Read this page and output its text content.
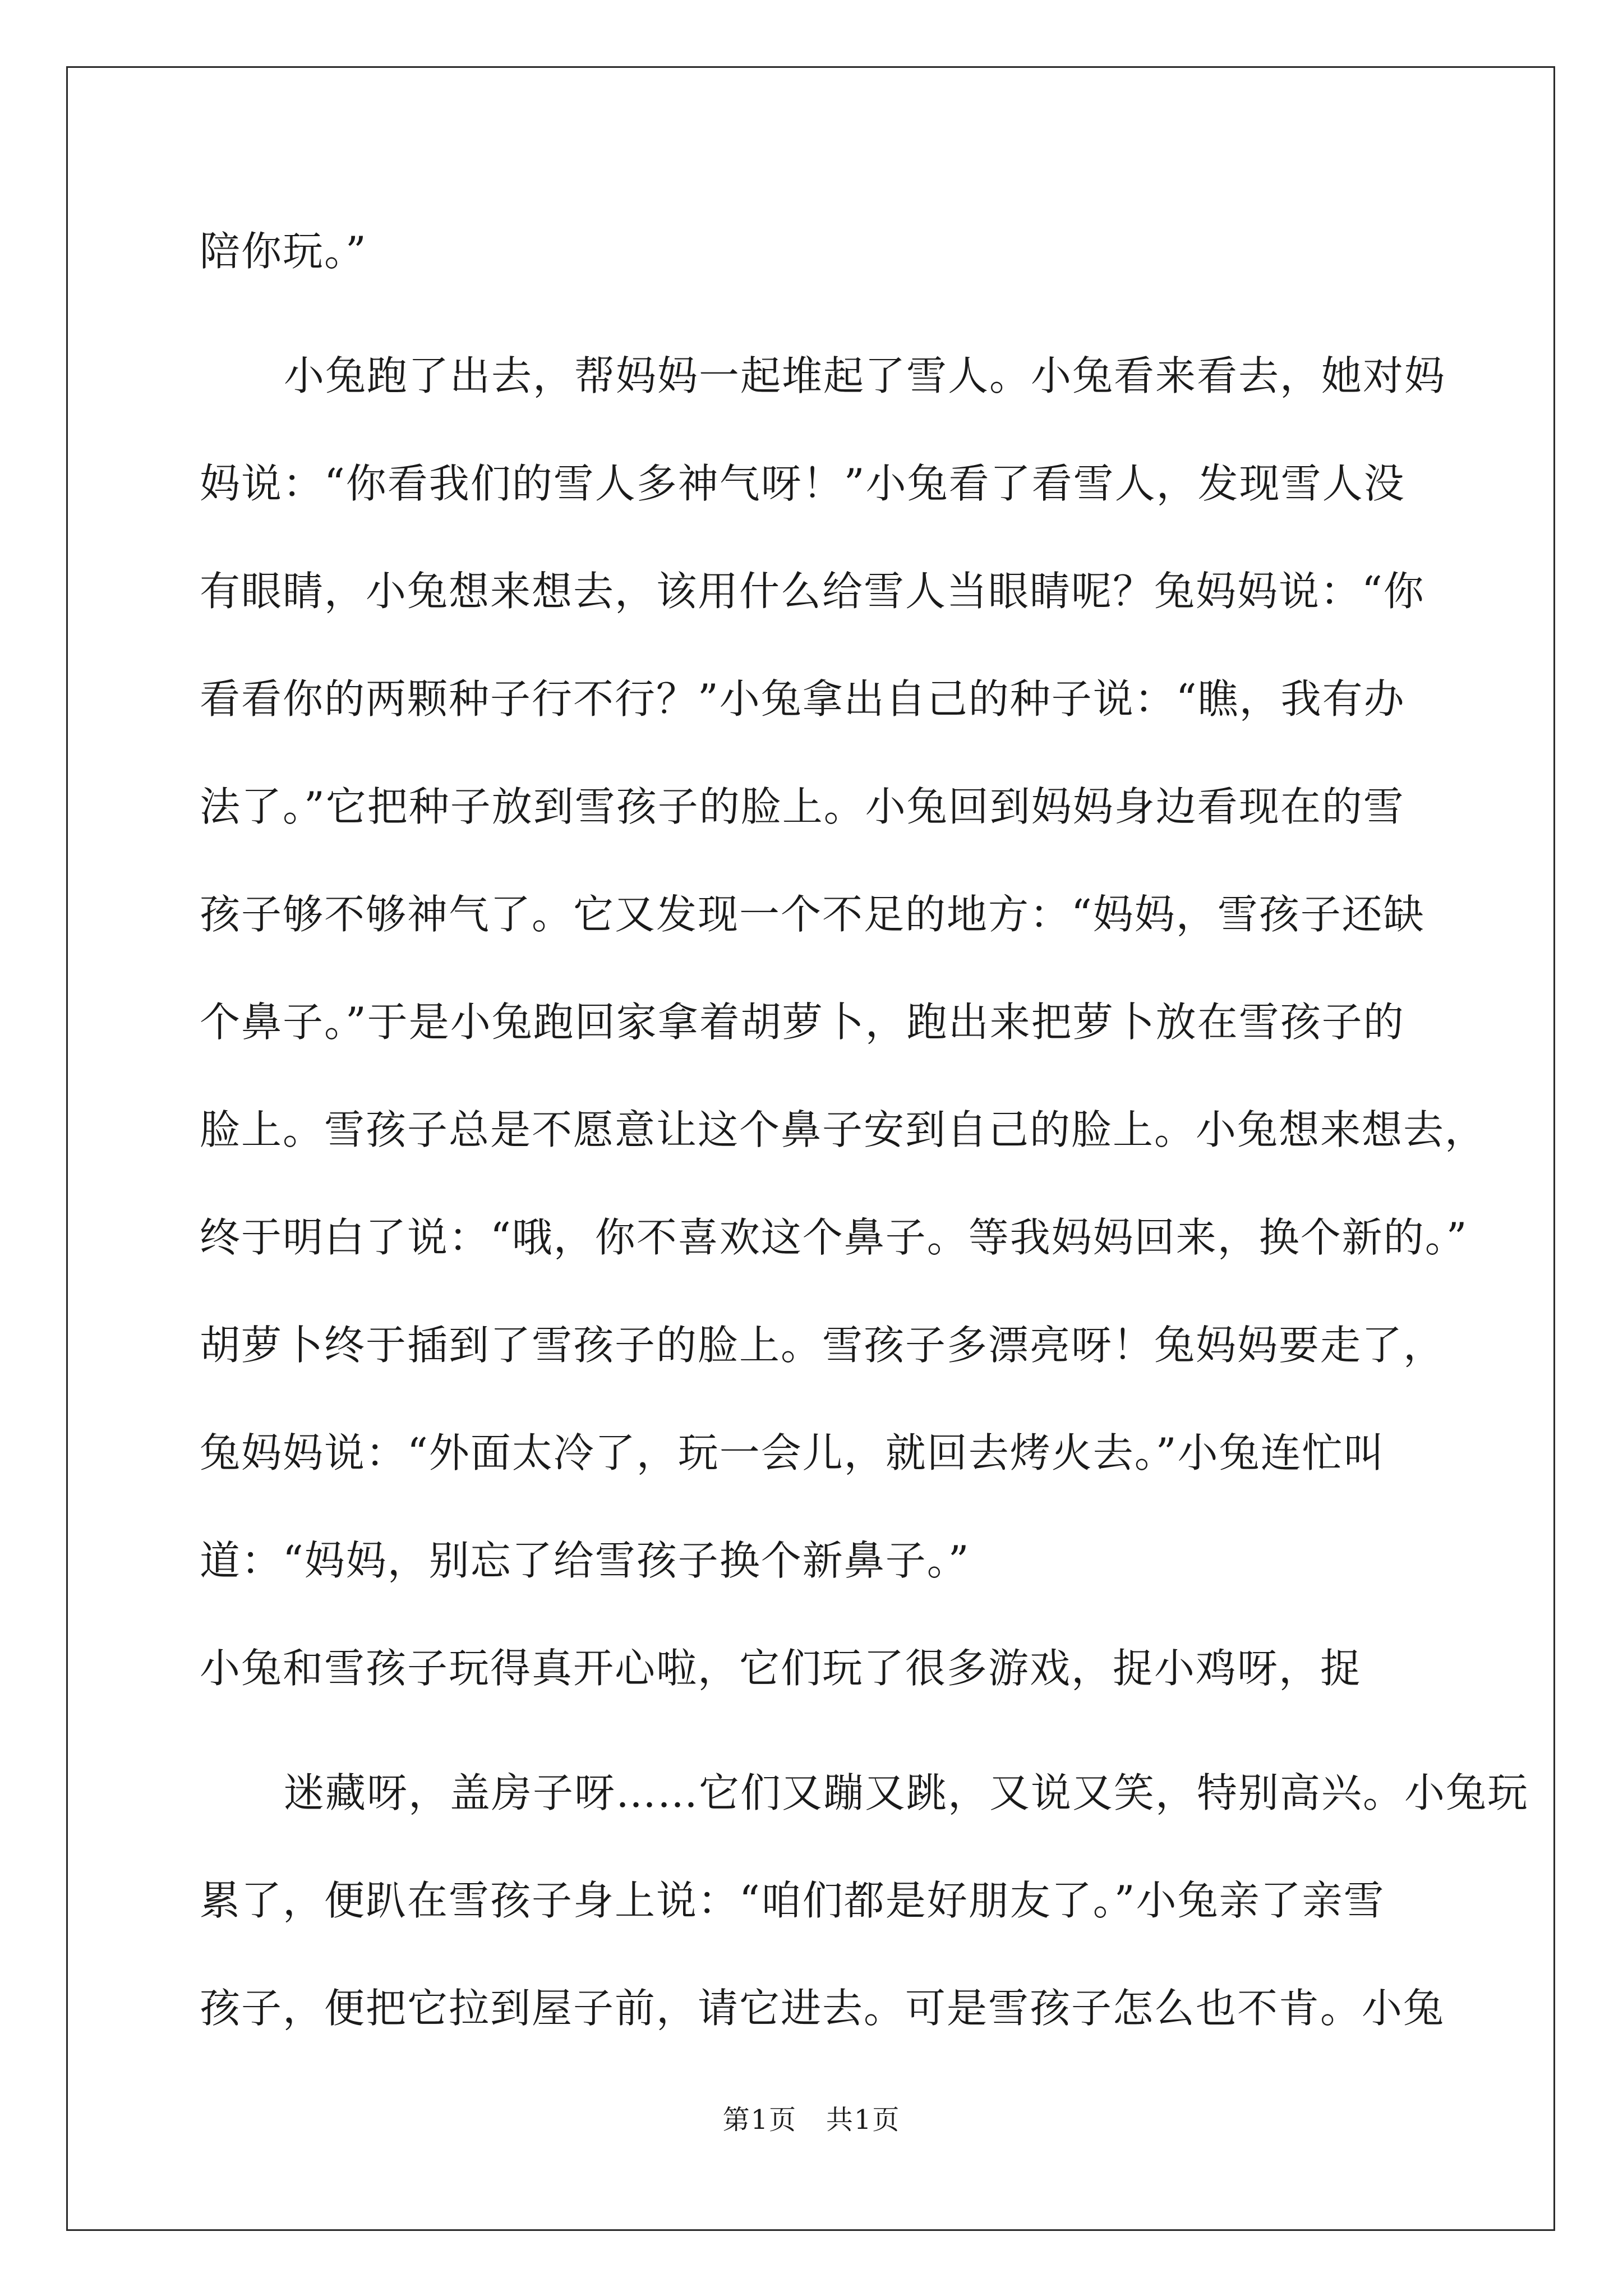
陪你玩。”
小兔跑了出去，帮妈妈一起堆起了雪人。小兔看来看去，她对妈
妈说：“你看我们的雪人多神气呀！”小兔看了看雪人，发现雪人没
有眼睛，小兔想来想去，该用什么给雪人当眼睛呢？兔妈妈说：“你
看看你的两颗种子行不行？”小兔拿出自己的种子说：“瞧，我有办
法了。”它把种子放到雪孩子的脸上。小兔回到妈妈身边看现在的雪
孩子够不够神气了。它又发现一个不足的地方：“妈妈，雪孩子还缺
个鼻子。”于是小兔跑回家拿着胡萝卜，跑出来把萝卜放在雪孩子的
脸上。雪孩子总是不愿意让这个鼻子安到自己的脸上。小兔想来想去，
终于明白了说：“哦，你不喜欢这个鼻子。等我妈妈回来，换个新的。”
胡萝卜终于插到了雪孩子的脸上。雪孩子多漂亮呀！兔妈妈要走了，
兔妈妈说：“外面太冷了，玩一会儿，就回去烤火去。”小兔连忙叫
道：“妈妈，别忘了给雪孩子换个新鼻子。”
小兔和雪孩子玩得真开心啦，它们玩了很多游戏，捉小鸡呀，捉
迷藏呀，盖房子呀……它们又蹦又跳，又说又笑，特别高兴。小兔玩
累了，便趴在雪孩子身上说：“咱们都是好朋友了。”小兔亲了亲雪
孩子，便把它拉到屋子前，请它进去。可是雪孩子怎么也不肯。小兔
第1页 共1页
